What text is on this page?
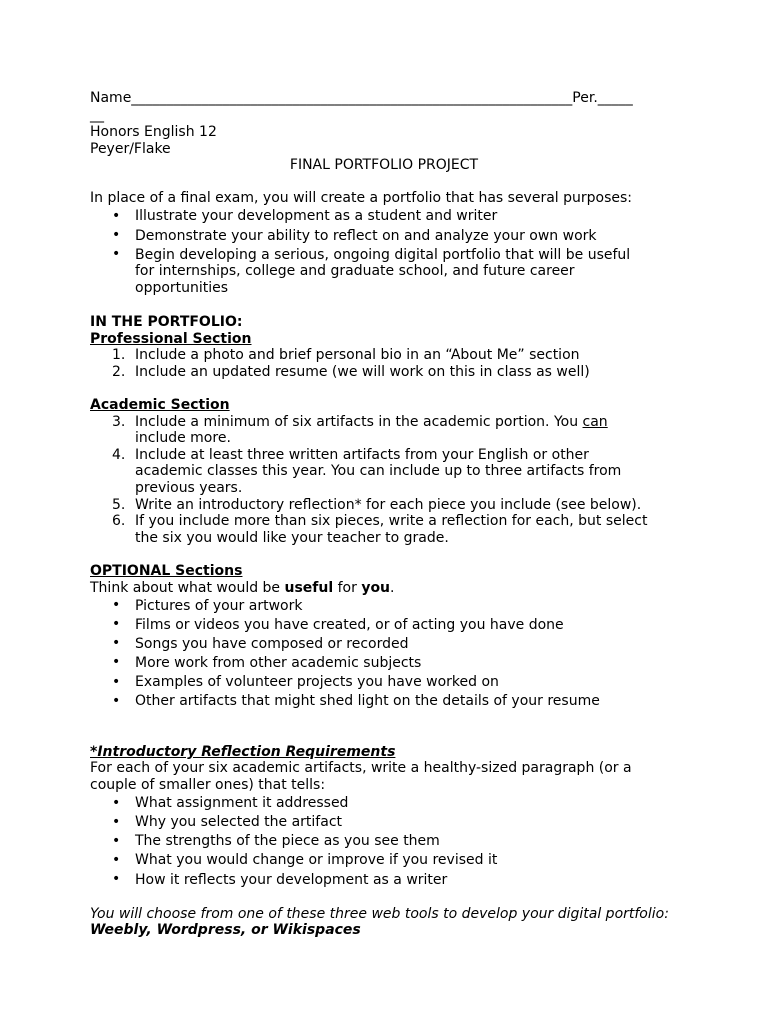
Name_______________________________________________________________Per._____

__

Honors English 12

Peyer/Flake

FINAL PORTFOLIO PROJECT

In place of a final exam, you will create a portfolio that has several purposes:

• Illustrate your development as a student and writer
• Demonstrate your ability to reflect on and analyze your own work
• Begin developing a serious, ongoing digital portfolio that will be useful for internships, college and graduate school, and future career opportunities

IN THE PORTFOLIO:

Professional Section

1. Include a photo and brief personal bio in an “About Me” section
2. Include an updated resume (we will work on this in class as well)

Academic Section

3. Include a minimum of six artifacts in the academic portion. You can include more.
4. Include at least three written artifacts from your English or other academic classes this year. You can include up to three artifacts from previous years.
5. Write an introductory reflection* for each piece you include (see below).
6. If you include more than six pieces, write a reflection for each, but select the six you would like your teacher to grade.

OPTIONAL Sections

Think about what would be useful for you.

• Pictures of your artwork
• Films or videos you have created, or of acting you have done
• Songs you have composed or recorded
• More work from other academic subjects
• Examples of volunteer projects you have worked on
• Other artifacts that might shed light on the details of your resume

*Introductory Reflection Requirements

For each of your six academic artifacts, write a healthy-sized paragraph (or a couple of smaller ones) that tells:

• What assignment it addressed
• Why you selected the artifact
• The strengths of the piece as you see them
• What you would change or improve if you revised it
• How it reflects your development as a writer

You will choose from one of these three web tools to develop your digital portfolio:

Weebly, Wordpress, or Wikispaces
